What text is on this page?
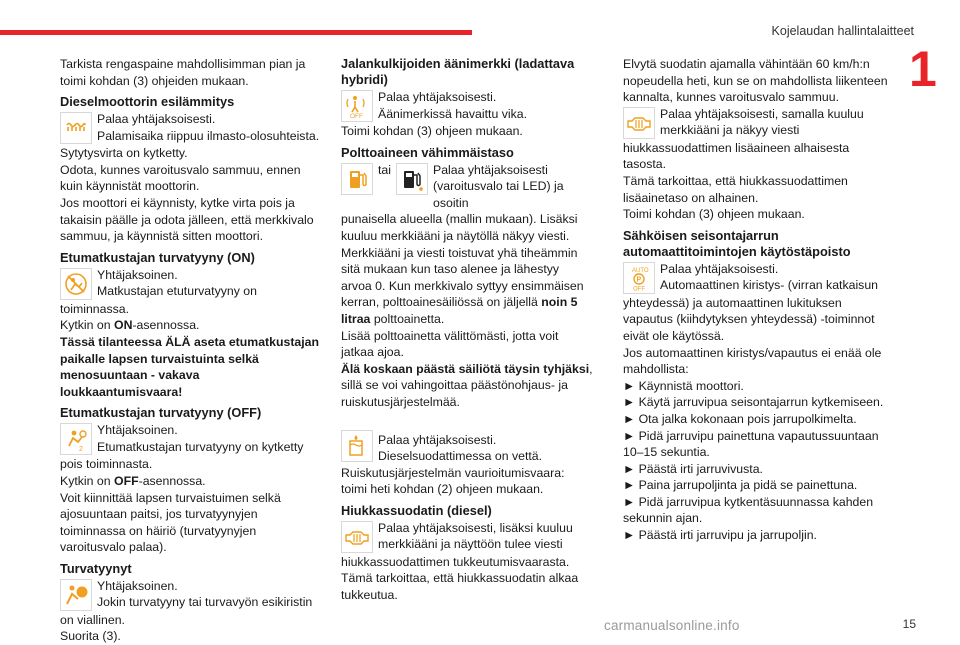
Kojelaudan hallintalaitteet
1

Tarkista rengaspaine mahdollisimman pian ja toimi kohdan (3) ohjeiden mukaan.

Dieselmoottorin esilämmitys

Palaa yhtäjaksoisesti.

Palamisaika riippuu ilmasto-olosuhteista.

Sytytysvirta on kytketty.

Odota, kunnes varoitusvalo sammuu, ennen kuin käynnistät moottorin.

Jos moottori ei käynnisty, kytke virta pois ja takaisin päälle ja odota jälleen, että merkkivalo sammuu, ja käynnistä sitten moottori.

Etumatkustajan turvatyyny (ON)

Yhtäjaksoinen.

Matkustajan etuturvatyyny on

toiminnassa.

Kytkin on ON-asennossa.

Tässä tilanteessa ÄLÄ aseta etumatkustajan paikalle lapsen turvaistuinta selkä menosuuntaan - vakava loukkaantumisvaara!

Etumatkustajan turvatyyny (OFF)
2

Yhtäjaksoinen.

Etumatkustajan turvatyyny on kytketty

pois toiminnasta.

Kytkin on OFF-asennossa.

Voit kiinnittää lapsen turvaistuimen selkä ajosuuntaan paitsi, jos turvatyynyjen toiminnassa on häiriö (turvatyynyjen varoitusvalo palaa).

Turvatyynyt

Yhtäjaksoinen.

Jokin turvatyyny tai turvavyön esikiristin

on viallinen.

Suorita (3).

Jalankulkijoiden äänimerkki (ladattava hybridi)
OFF

Palaa yhtäjaksoisesti.

Äänimerkissä havaittu vika.

Toimi kohdan (3) ohjeen mukaan.

Polttoaineen vähimmäistaso
tai	Palaa yhtäjaksoisesti

(varoitusvalo tai LED) ja osoitin

punaisella alueella (mallin mukaan). Lisäksi kuuluu merkkiääni ja näytöllä näkyy viesti. Merkkiääni ja viesti toistuvat yhä tiheämmin sitä mukaan kun taso alenee ja lähestyy arvoa 0. Kun merkkivalo syttyy ensimmäisen kerran, polttoainesäiliössä on jäljellä noin 5 litraa polttoainetta.

Lisää polttoainetta välittömästi, jotta voit jatkaa ajoa.

Älä koskaan päästä säiliötä täysin tyhjäksi, sillä se voi vahingoittaa päästönohjaus- ja ruiskutusjärjestelmää.

Palaa yhtäjaksoisesti.

Dieselsuodattimessa on vettä.

Ruiskutusjärjestelmän vaurioitumisvaara: toimi heti kohdan (2) ohjeen mukaan.

Hiukkassuodatin (diesel)

Palaa yhtäjaksoisesti, lisäksi kuuluu

merkkiääni ja näyttöön tulee viesti

hiukkassuodattimen tukkeutumisvaarasta. Tämä tarkoittaa, että hiukkassuodatin alkaa tukkeutua.

Elvytä suodatin ajamalla vähintään 60 km/h:n nopeudella heti, kun se on mahdollista liikenteen kannalta, kunnes varoitusvalo sammuu.

Palaa yhtäjaksoisesti, samalla kuuluu

merkkiääni ja näkyy viesti

hiukkassuodattimen lisäaineen alhaisesta tasosta.

Tämä tarkoittaa, että hiukkassuodattimen lisäainetaso on alhainen.

Toimi kohdan (3) ohjeen mukaan.

Sähköisen seisontajarrun automaattitoimintojen käytöstäpoisto
AUTO
P
OFF

Palaa yhtäjaksoisesti.

Automaattinen kiristys- (virran katkaisun

yhteydessä) ja automaattinen lukituksen vapautus (kiihdytyksen yhteydessä) -toiminnot eivät ole käytössä.

Jos automaattinen kiristys/vapautus ei enää ole mahdollista:

► Käynnistä moottori.

► Käytä jarruvipua seisontajarrun kytkemiseen.

► Ota jalka kokonaan pois jarrupolkimelta.

► Pidä jarruvipu painettuna vapautussuuntaan 10–15 sekuntia.

► Päästä irti jarruvivusta.

► Paina jarrupoljinta ja pidä se painettuna.

► Pidä jarruvipua kytkentäsuunnassa kahden sekunnin ajan.

► Päästä irti jarruvipu ja jarrupoljin.

carmanualsonline.info	15
